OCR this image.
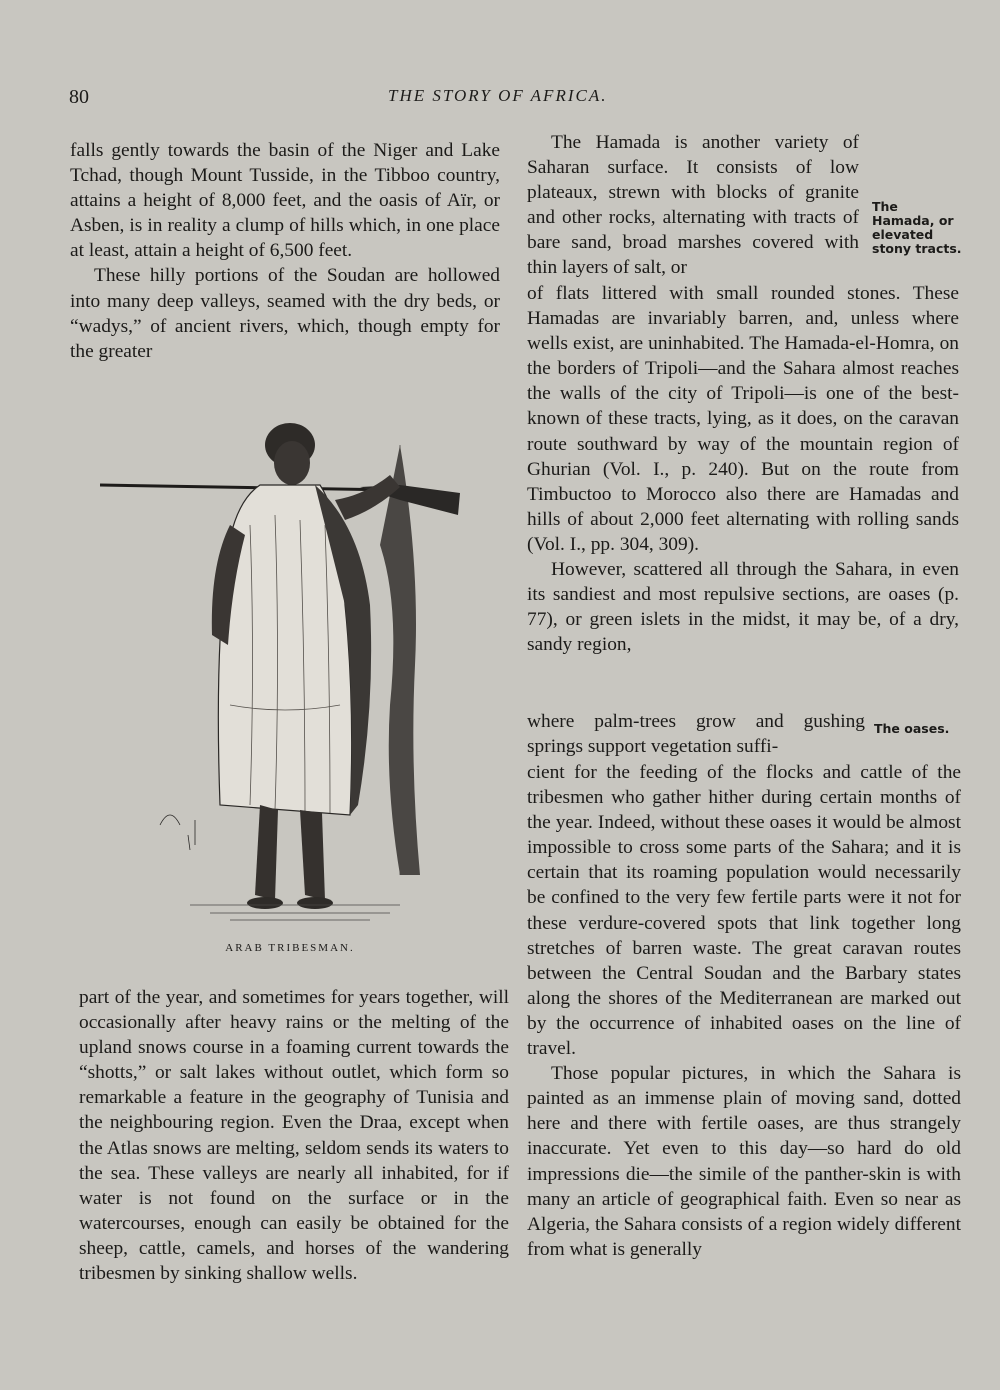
80	THE STORY OF AFRICA.

falls gently towards the basin of the Niger and Lake Tchad, though Mount Tusside, in the Tibboo country, attains a height of 8,000 feet, and the oasis of Aïr, or Asben, is in reality a clump of hills which, in one place at least, attain a height of 6,500 feet.

These hilly portions of the Soudan are hollowed into many deep valleys, seamed with the dry beds, or “wadys,” of ancient rivers, which, though empty for the greater

ARAB TRIBESMAN.

part of the year, and sometimes for years together, will occasionally after heavy rains or the melting of the upland snows course in a foaming current towards the “shotts,” or salt lakes without outlet, which form so remarkable a feature in the geography of Tunisia and the neighbouring region. Even the Draa, except when the Atlas snows are melting, seldom sends its waters to the sea. These valleys are nearly all inhabited, for if water is not found on the surface or in the watercourses, enough can easily be obtained for the sheep, cattle, camels, and horses of the wandering tribesmen by sinking shallow wells.

The Hamada is another variety of Saharan surface. It consists of low plateaux, strewn with blocks of granite and other rocks, alternating with tracts of bare sand, broad marshes covered with thin layers of salt, or

The Hamada, or elevated stony tracts.

of flats littered with small rounded stones. These Hamadas are invariably barren, and, unless where wells exist, are uninhabited. The Hamada-el-Homra, on the borders of Tripoli—and the Sahara almost reaches the walls of the city of Tripoli—is one of the best-known of these tracts, lying, as it does, on the caravan route southward by way of the mountain region of Ghurian (Vol. I., p. 240). But on the route from Timbuctoo to Morocco also there are Hamadas and hills of about 2,000 feet alternating with rolling sands (Vol. I., pp. 304, 309).

However, scattered all through the Sahara, in even its sandiest and most repulsive sections, are oases (p. 77), or green islets in the midst, it may be, of a dry, sandy region,

where palm-trees grow and gushing springs support vegetation suffi-

The oases.

cient for the feeding of the flocks and cattle of the tribesmen who gather hither during certain months of the year. Indeed, without these oases it would be almost impossible to cross some parts of the Sahara; and it is certain that its roaming population would necessarily be confined to the very few fertile parts were it not for these verdure-covered spots that link together long stretches of barren waste. The great caravan routes between the Central Soudan and the Barbary states along the shores of the Mediterranean are marked out by the occurrence of inhabited oases on the line of travel.

Those popular pictures, in which the Sahara is painted as an immense plain of moving sand, dotted here and there with fertile oases, are thus strangely inaccurate. Yet even to this day—so hard do old impressions die—the simile of the panther-skin is with many an article of geographical faith. Even so near as Algeria, the Sahara consists of a region widely different from what is generally
